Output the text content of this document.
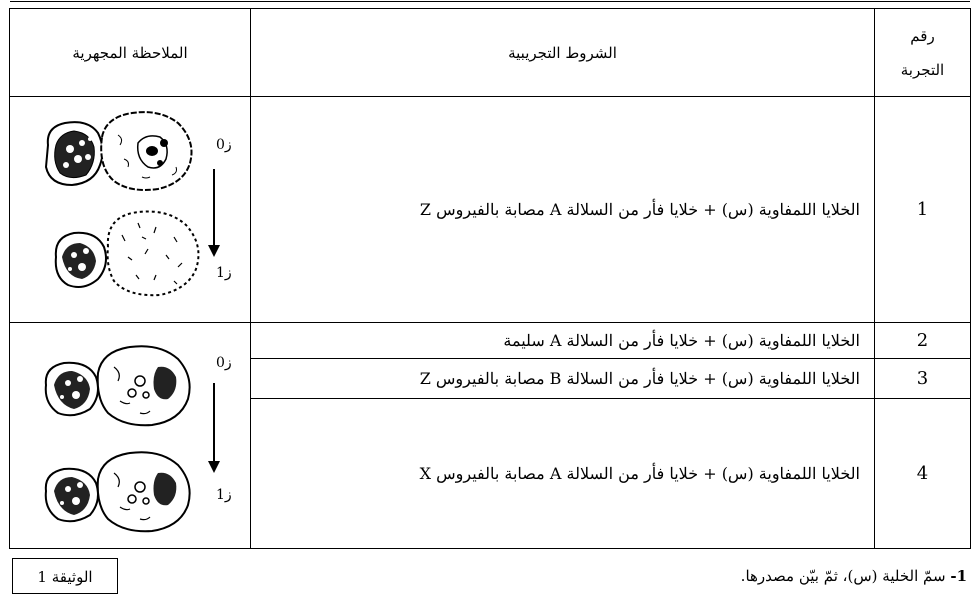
الملاحظة المجهرية	الشروط التجريبية	رقم
التجربة

ز0
ز1	الخلايا اللمفاوية (س) + خلايا فأر من السلالة A مصابة بالفيروس Z	1

ز0
ز1	الخلايا اللمفاوية (س) + خلايا فأر من السلالة A سليمة	2
	الخلايا اللمفاوية (س) + خلايا فأر من السلالة B مصابة بالفيروس Z	3
	الخلايا اللمفاوية (س) + خلايا فأر من السلالة A مصابة بالفيروس X	4
الوثيقة 1	1- سمّ الخلية (س)، ثمّ بيّن مصدرها.
